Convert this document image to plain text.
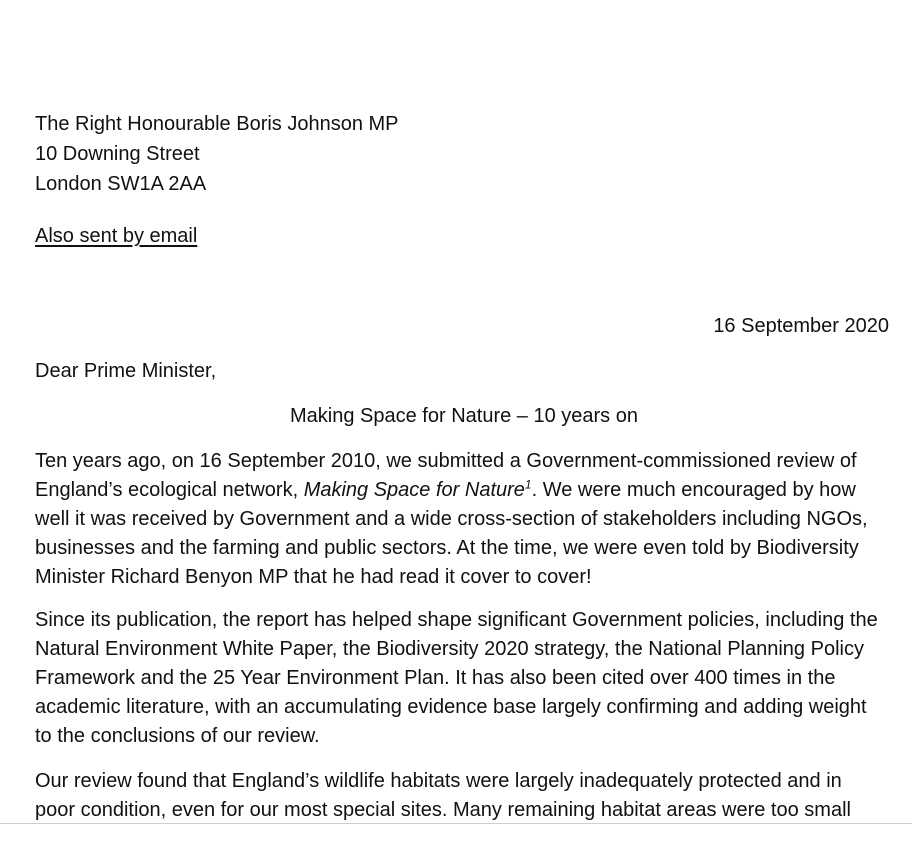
The Right Honourable Boris Johnson MP
10 Downing Street
London SW1A 2AA
Also sent by email
16 September 2020
Dear Prime Minister,
Making Space for Nature – 10 years on
Ten years ago, on 16 September 2010, we submitted a Government-commissioned review of
England’s ecological network, Making Space for Nature$^1$. We were much encouraged by how
well it was received by Government and a wide cross-section of stakeholders including NGOs,
businesses and the farming and public sectors. At the time, we were even told by Biodiversity
Minister Richard Benyon MP that he had read it cover to cover!
Since its publication, the report has helped shape significant Government policies, including the
Natural Environment White Paper, the Biodiversity 2020 strategy, the National Planning Policy
Framework and the 25 Year Environment Plan. It has also been cited over 400 times in the
academic literature, with an accumulating evidence base largely confirming and adding weight
to the conclusions of our review.
Our review found that England’s wildlife habitats were largely inadequately protected and in
poor condition, even for our most special sites. Many remaining habitat areas were too small
